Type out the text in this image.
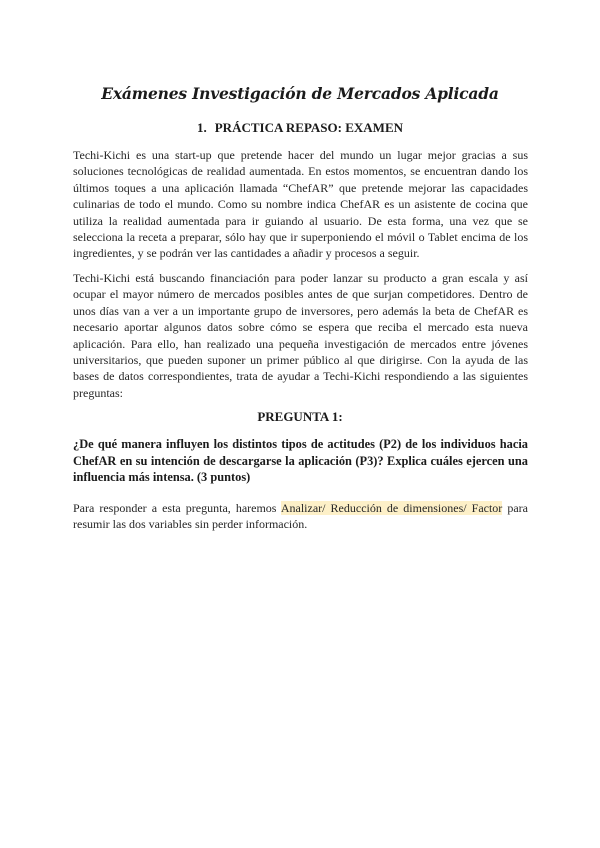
Exámenes Investigación de Mercados Aplicada
1. PRÁCTICA REPASO: EXAMEN

Techi-Kichi es una start-up que pretende hacer del mundo un lugar mejor gracias a sus soluciones tecnológicas de realidad aumentada. En estos momentos, se encuentran dando los últimos toques a una aplicación llamada “ChefAR” que pretende mejorar las capacidades culinarias de todo el mundo. Como su nombre indica ChefAR es un asistente de cocina que utiliza la realidad aumentada para ir guiando al usuario. De esta forma, una vez que se selecciona la receta a preparar, sólo hay que ir superponiendo el móvil o Tablet encima de los ingredientes, y se podrán ver las cantidades a añadir y procesos a seguir.

Techi-Kichi está buscando financiación para poder lanzar su producto a gran escala y así ocupar el mayor número de mercados posibles antes de que surjan competidores. Dentro de unos días van a ver a un importante grupo de inversores, pero además la beta de ChefAR es necesario aportar algunos datos sobre cómo se espera que reciba el mercado esta nueva aplicación. Para ello, han realizado una pequeña investigación de mercados entre jóvenes universitarios, que pueden suponer un primer público al que dirigirse. Con la ayuda de las bases de datos correspondientes, trata de ayudar a Techi-Kichi respondiendo a las siguientes preguntas:

PREGUNTA 1:

¿De qué manera influyen los distintos tipos de actitudes (P2) de los individuos hacia ChefAR en su intención de descargarse la aplicación (P3)? Explica cuáles ejercen una influencia más intensa. (3 puntos)

Para responder a esta pregunta, haremos Analizar/ Reducción de dimensiones/ Factor para resumir las dos variables sin perder información.
